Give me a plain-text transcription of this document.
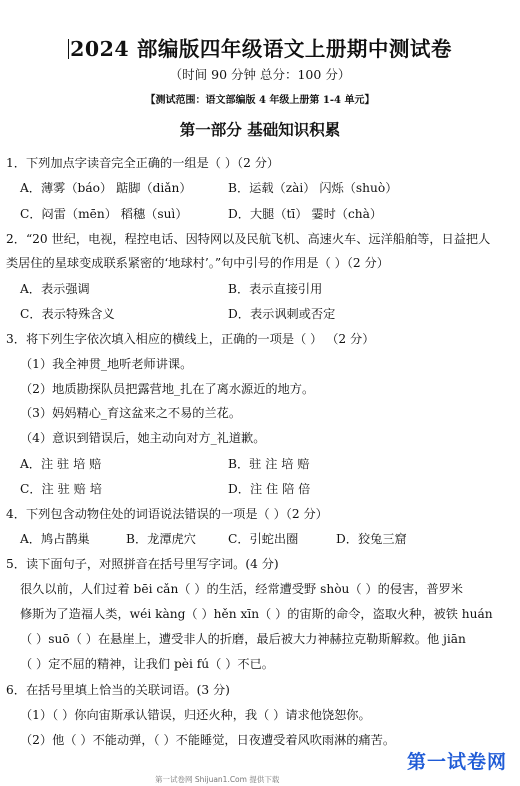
2024 部编版四年级语文上册期中测试卷
（时间 90 分钟 总分：100 分）
【测试范围：语文部编版 4 年级上册第 1-4 单元】
第一部分 基础知识积累
1．下列加点字读音完全正确的一组是（ ）（2 分）
A．薄雾（báo） 踮脚（diǎn）	B．运载（zài） 闪烁（shuò）
C．闷雷（mēn） 稻穗（suì）	D．大腿（tī） 霎时（chà）
2．“20 世纪，电视，程控电话、因特网以及民航飞机、高速火车、远洋船舶等，日益把人
类居住的星球变成联系紧密的‘地球村’。”句中引号的作用是（ ）（2 分）
A．表示强调	B．表示直接引用
C．表示特殊含义	D．表示讽刺或否定
3．将下列生字依次填入相应的横线上，正确的一项是（ ） （2 分）
（1）我全神贯_地听老师讲课。
（2）地质勘探队员把露营地_扎在了离水源近的地方。
（3）妈妈精心_育这盆来之不易的兰花。
（4）意识到错误后，她主动向对方_礼道歉。
A．注 驻 培 赔	B．驻 注 培 赔
C．注 驻 赔 培	D．注 住 陪 倍
4．下列包含动物住处的词语说法错误的一项是（ ）（2 分）
A．鸠占鹊巢	B．龙潭虎穴	C．引蛇出圈	D．狡兔三窟
5．读下面句子，对照拼音在括号里写字词。(4 分)
很久以前，人们过着 bēi cǎn（ ）的生活，经常遭受野 shòu（ ）的侵害，普罗米
修斯为了造福人类，wéi kàng（ ）hěn xīn（ ）的宙斯的命令，盗取火种，被铁 huán
（ ）suō（ ）在悬崖上，遭受非人的折磨，最后被大力神赫拉克勒斯解救。他 jiān
（ ）定不屈的精神，让我们 pèi fú（ ）不已。
6．在括号里填上恰当的关联词语。(3 分)
（1）（ ）你向宙斯承认错误，归还火种，我（ ）请求他饶恕你。
（2）他（ ）不能动弹，（ ）不能睡觉，日夜遭受着风吹雨淋的痛苦。
第一试卷网
第一试卷网 Shijuan1.Com 提供下载
